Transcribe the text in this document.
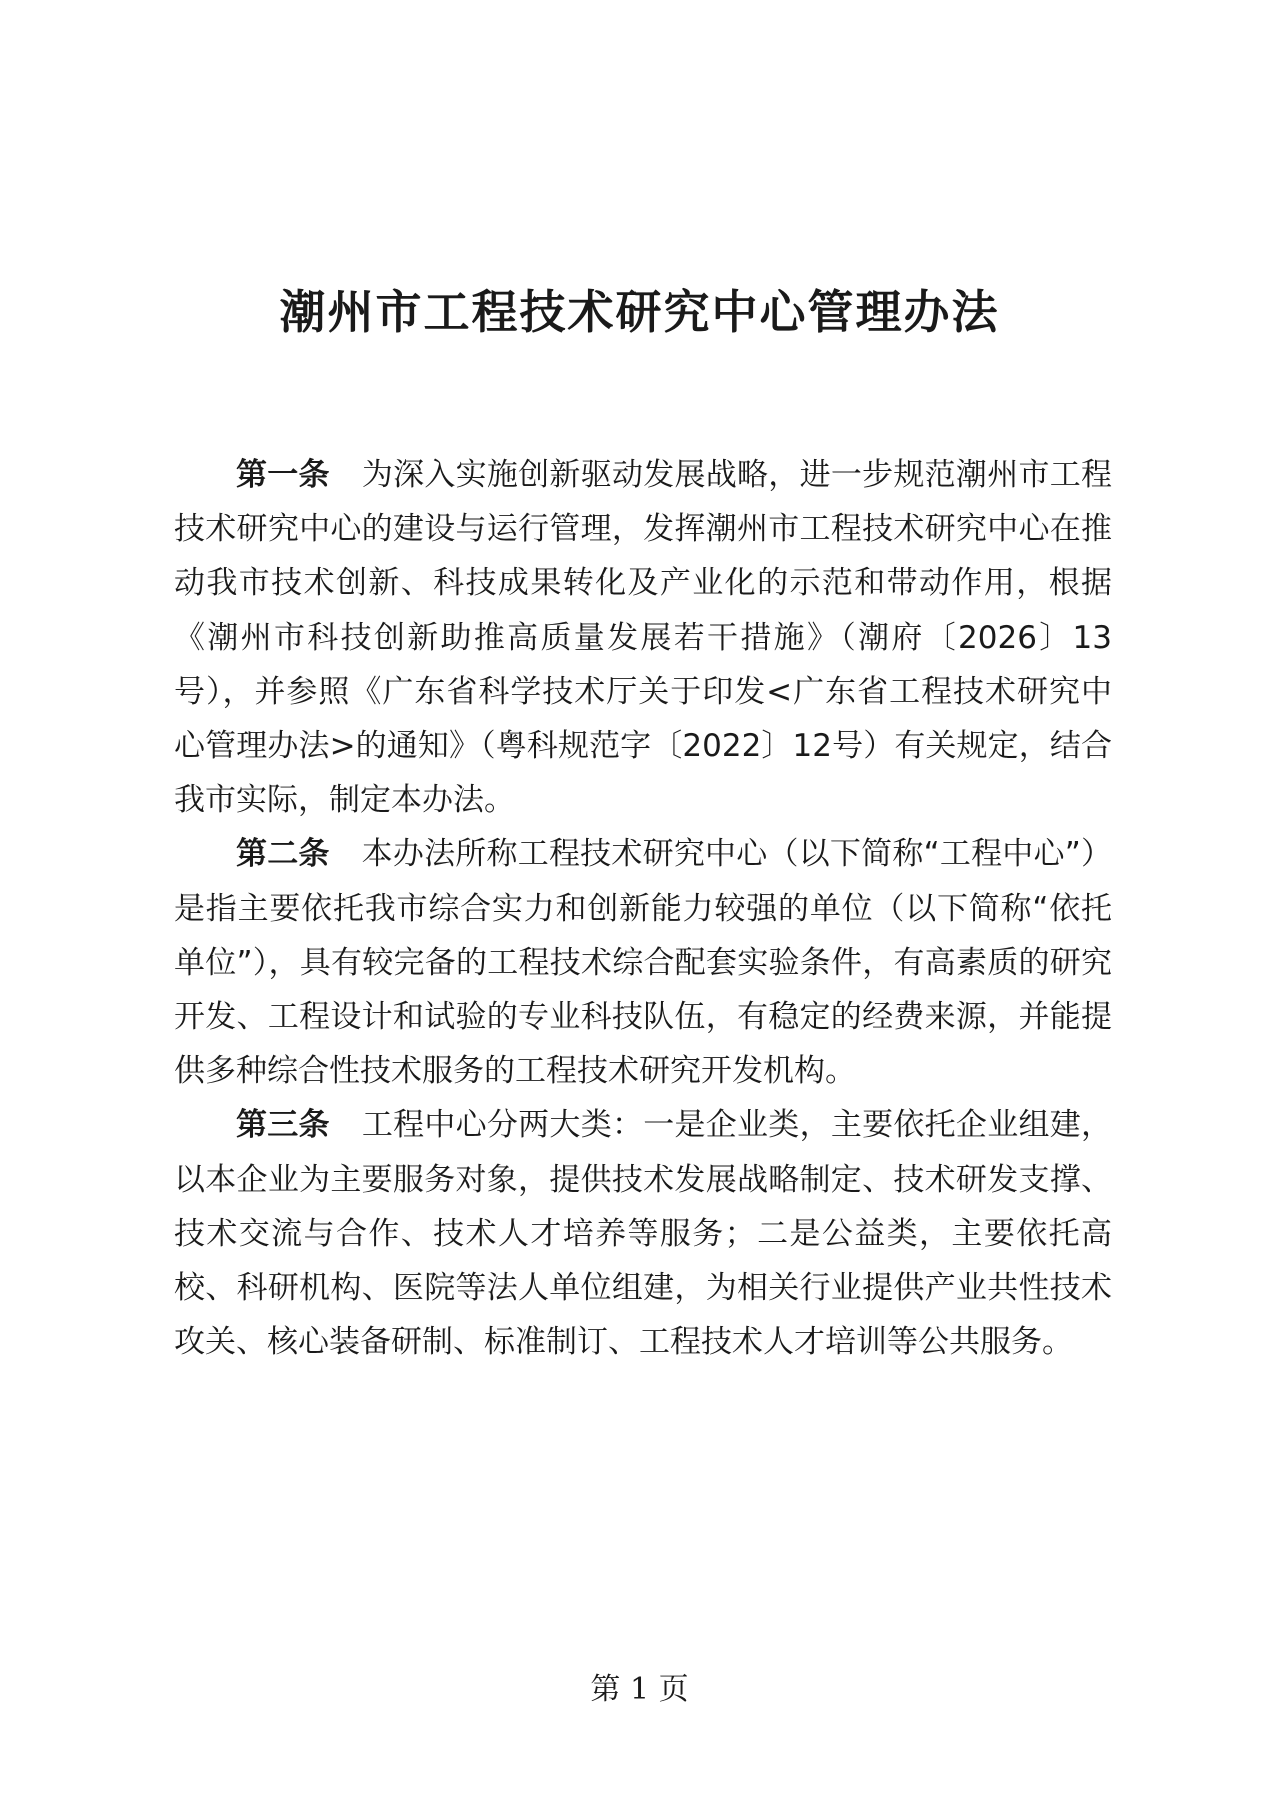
潮州市工程技术研究中心管理办法

第一条 为深入实施创新驱动发展战略，进一步规范潮州市工程技术研究中心的建设与运行管理，发挥潮州市工程技术研究中心在推动我市技术创新、科技成果转化及产业化的示范和带动作用，根据《潮州市科技创新助推高质量发展若干措施》（潮府〔2026〕13号），并参照《广东省科学技术厅关于印发<广东省工程技术研究中心管理办法>的通知》（粤科规范字〔2022〕12号）有关规定，结合我市实际，制定本办法。

第二条 本办法所称工程技术研究中心（以下简称“工程中心”）是指主要依托我市综合实力和创新能力较强的单位（以下简称“依托单位”），具有较完备的工程技术综合配套实验条件，有高素质的研究开发、工程设计和试验的专业科技队伍，有稳定的经费来源，并能提供多种综合性技术服务的工程技术研究开发机构。

第三条 工程中心分两大类：一是企业类，主要依托企业组建，以本企业为主要服务对象，提供技术发展战略制定、技术研发支撑、技术交流与合作、技术人才培养等服务；二是公益类，主要依托高校、科研机构、医院等法人单位组建，为相关行业提供产业共性技术攻关、核心装备研制、标准制订、工程技术人才培训等公共服务。

第 1 页
